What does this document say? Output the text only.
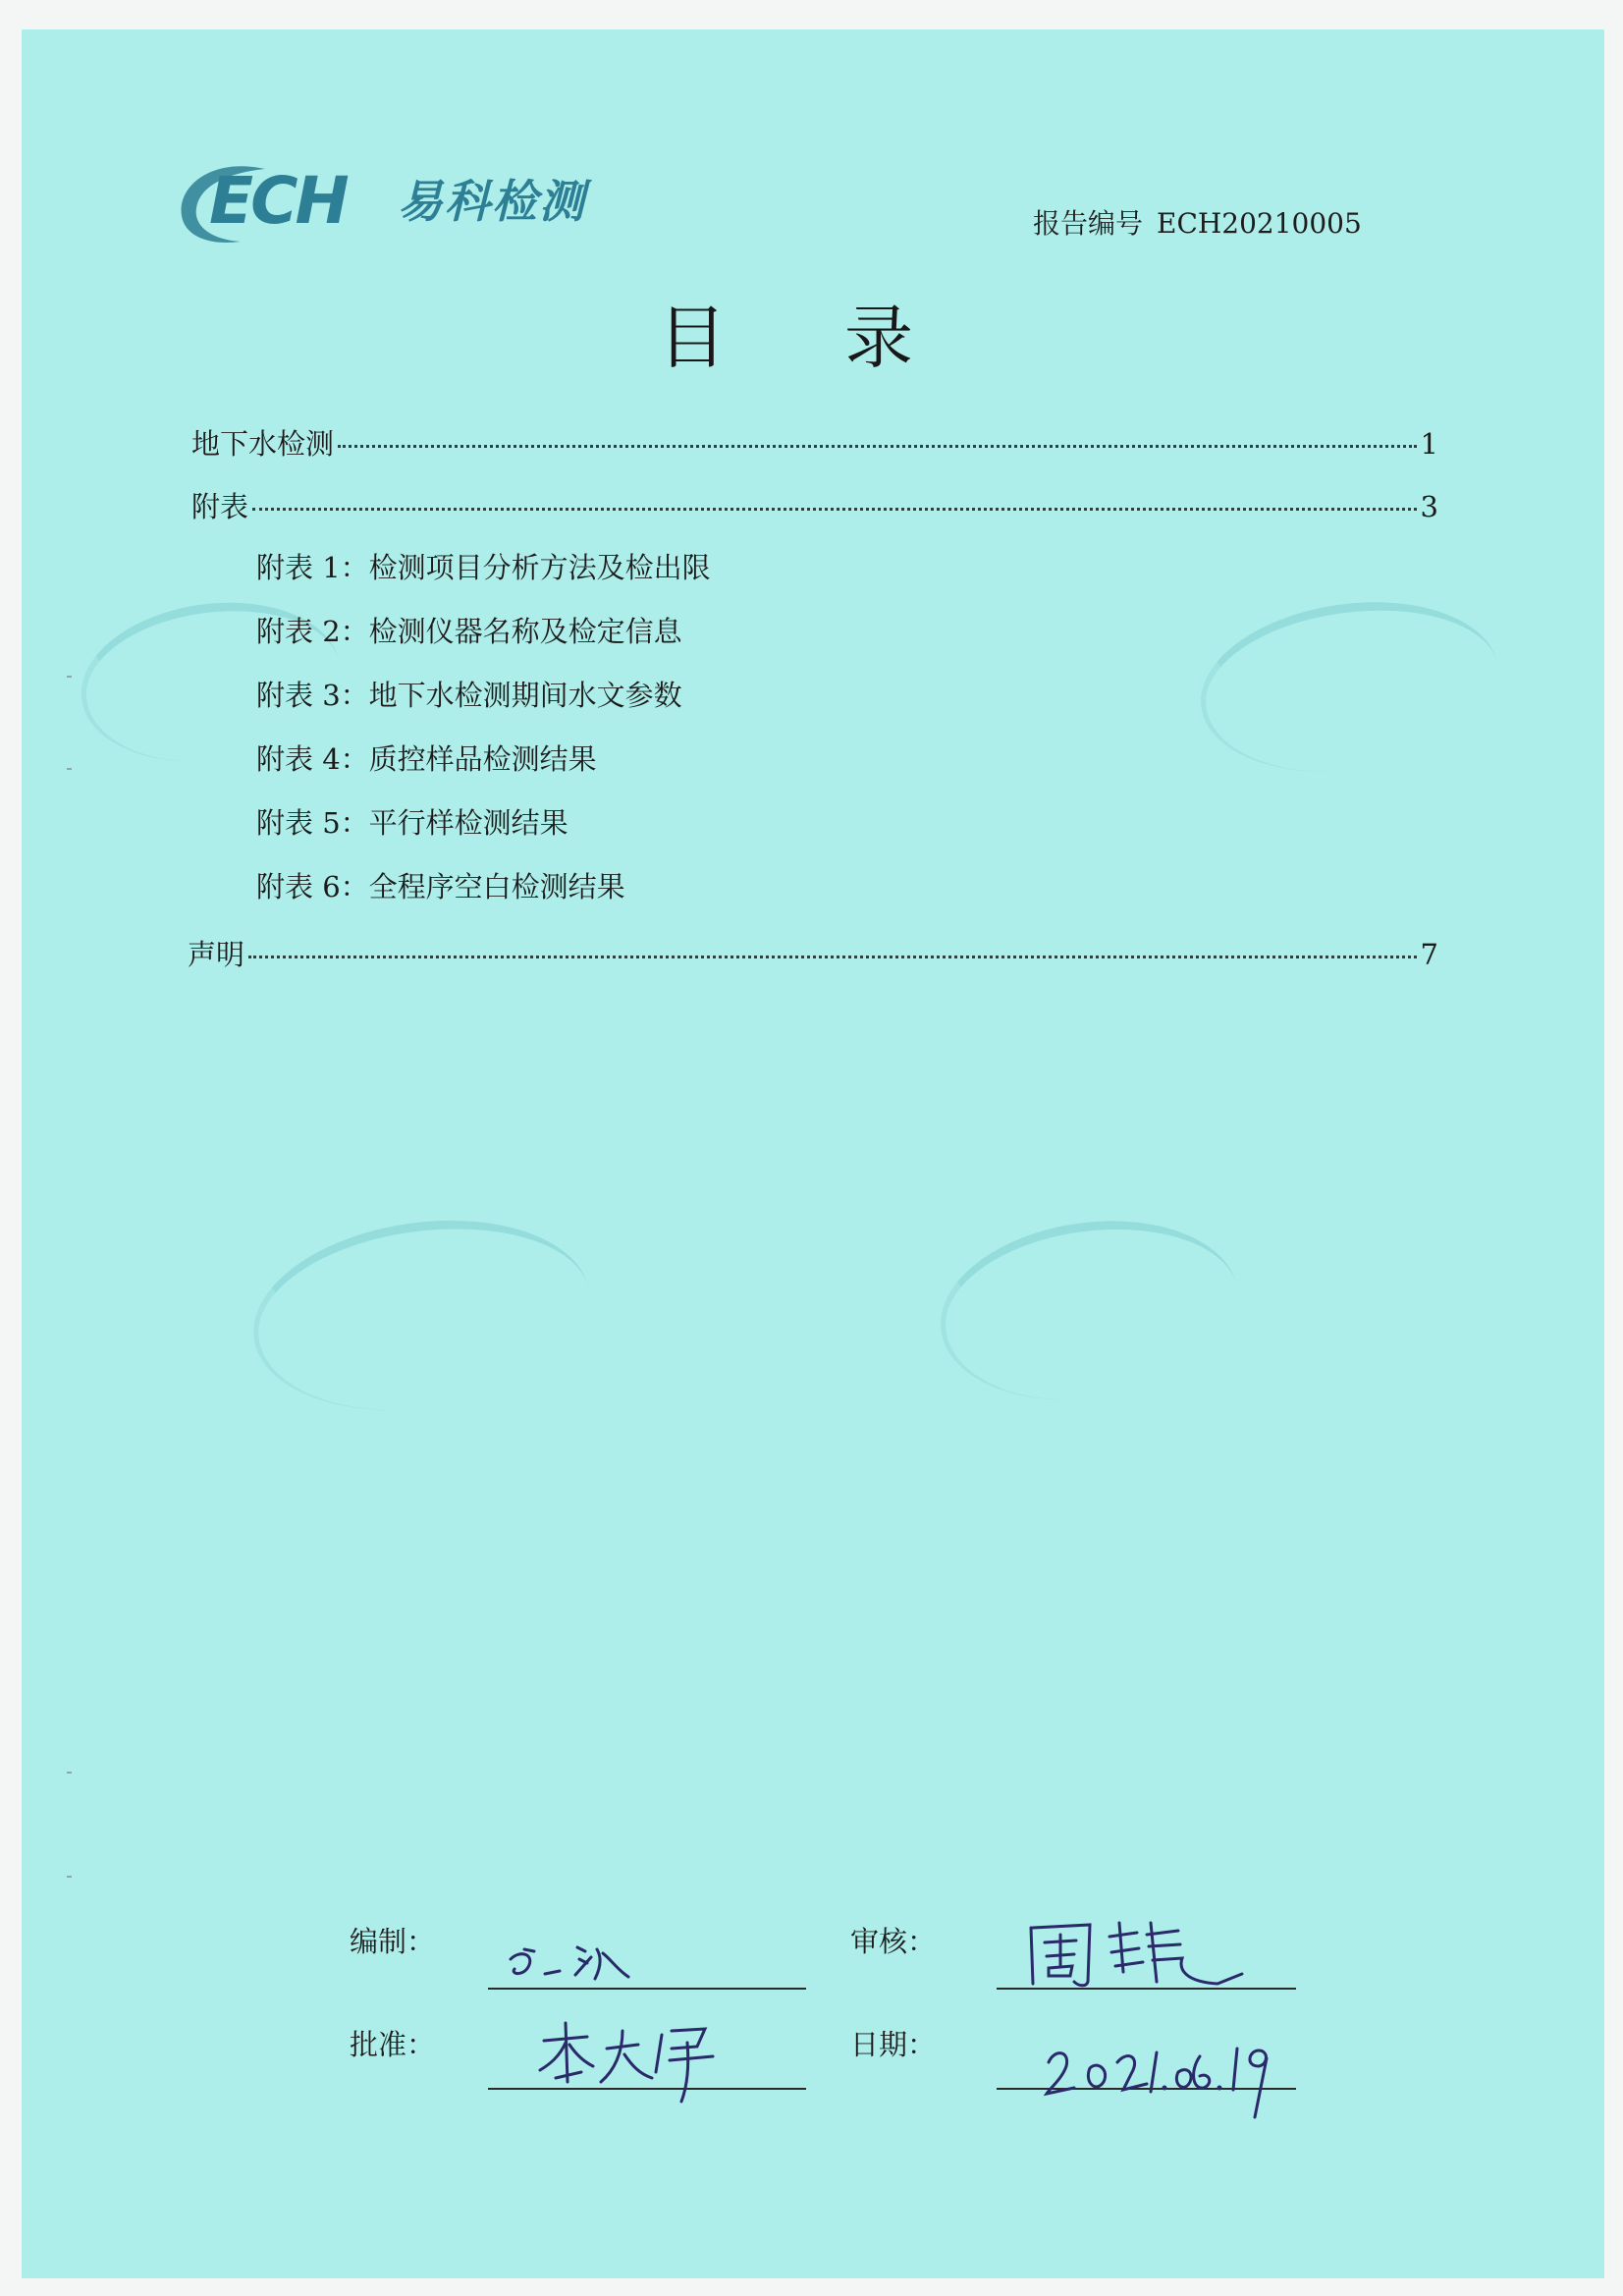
ECH 易科检测	报告编号 ECH20210005
目 录
地下水检测	1
附表	3
附表 1：检测项目分析方法及检出限
附表 2：检测仪器名称及检定信息
附表 3：地下水检测期间水文参数
附表 4：质控样品检测结果
附表 5：平行样检测结果
附表 6：全程序空白检测结果
声明	7
编制：	审核：
批准：	日期：
